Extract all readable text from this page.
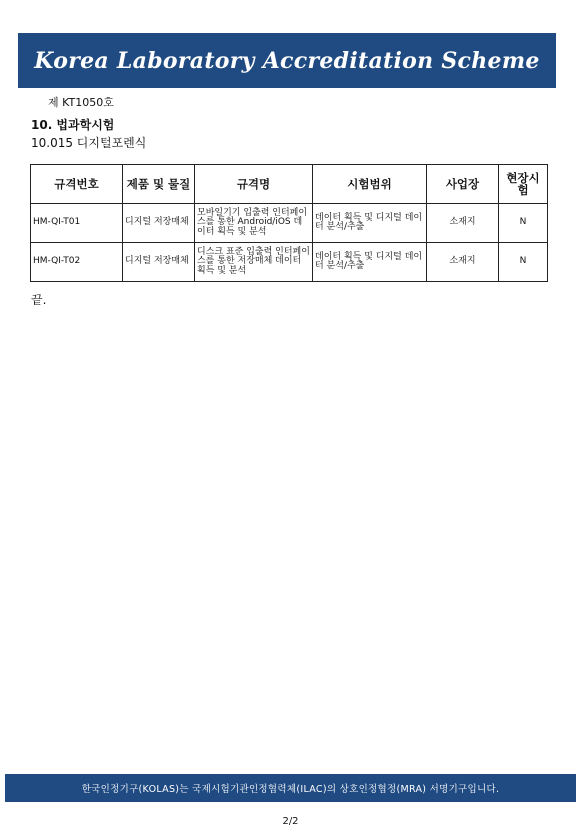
Korea Laboratory Accreditation Scheme
제 KT1050호
10. 법과학시험
10.015 디지털포렌식
규격번호	제품 및 물질	규격명	시험범위	사업장	현장시험
HM-QI-T01	디지털 저장매체	모바일기기 입출력 인터페이스를 통한 Android/iOS 데이터 획득 및 분석	데이터 획득 및 디지털 데이터 분석/추출	소재지	N
HM-QI-T02	디지털 저장매체	디스크 표준 입출력 인터페이스를 통한 저장매체 데이터 획득 및 분석	데이터 획득 및 디지털 데이터 분석/추출	소재지	N
끝.
한국인정기구(KOLAS)는 국제시험기관인정협력체(ILAC)의 상호인정협정(MRA) 서명기구입니다.
2/2
